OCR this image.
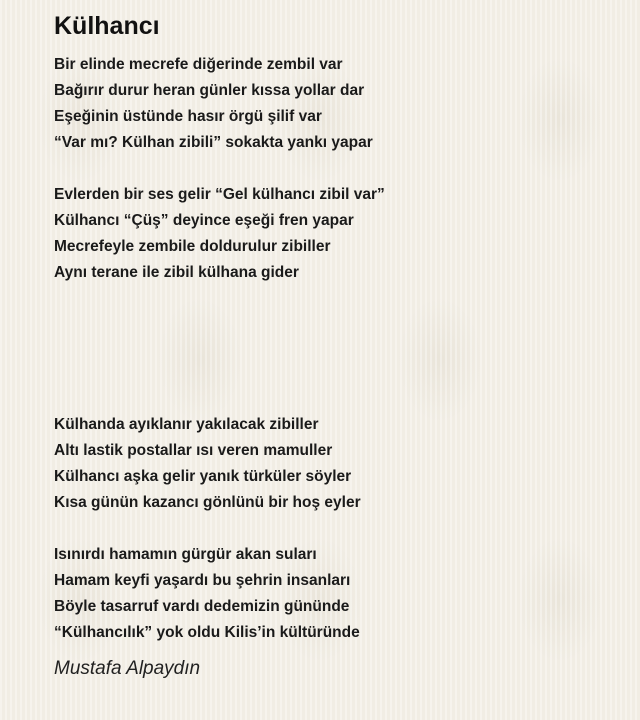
Külhancı
Bir elinde mecrefe diğerinde zembil var
Bağırır durur heran günler kıssa yollar dar
Eşeğinin üstünde hasır örgü şilif var
“Var mı? Külhan zibili” sokakta yankı yapar
Evlerden bir ses gelir “Gel külhancı zibil var”
Külhancı “Çüş” deyince eşeği fren yapar
Mecrefeyle zembile doldurulur zibiller
Aynı terane ile zibil külhana gider
Külhanda ayıklanır yakılacak zibiller
Altı lastik postallar ısı veren mamuller
Külhancı aşka gelir yanık türküler söyler
Kısa günün kazancı gönlünü bir hoş eyler
Isınırdı hamamın gürgür akan suları
Hamam keyfi yaşardı bu şehrin insanları
Böyle tasarruf vardı dedemizin gününde
“Külhancılık” yok oldu Kilis’in kültüründe
Mustafa Alpaydın
